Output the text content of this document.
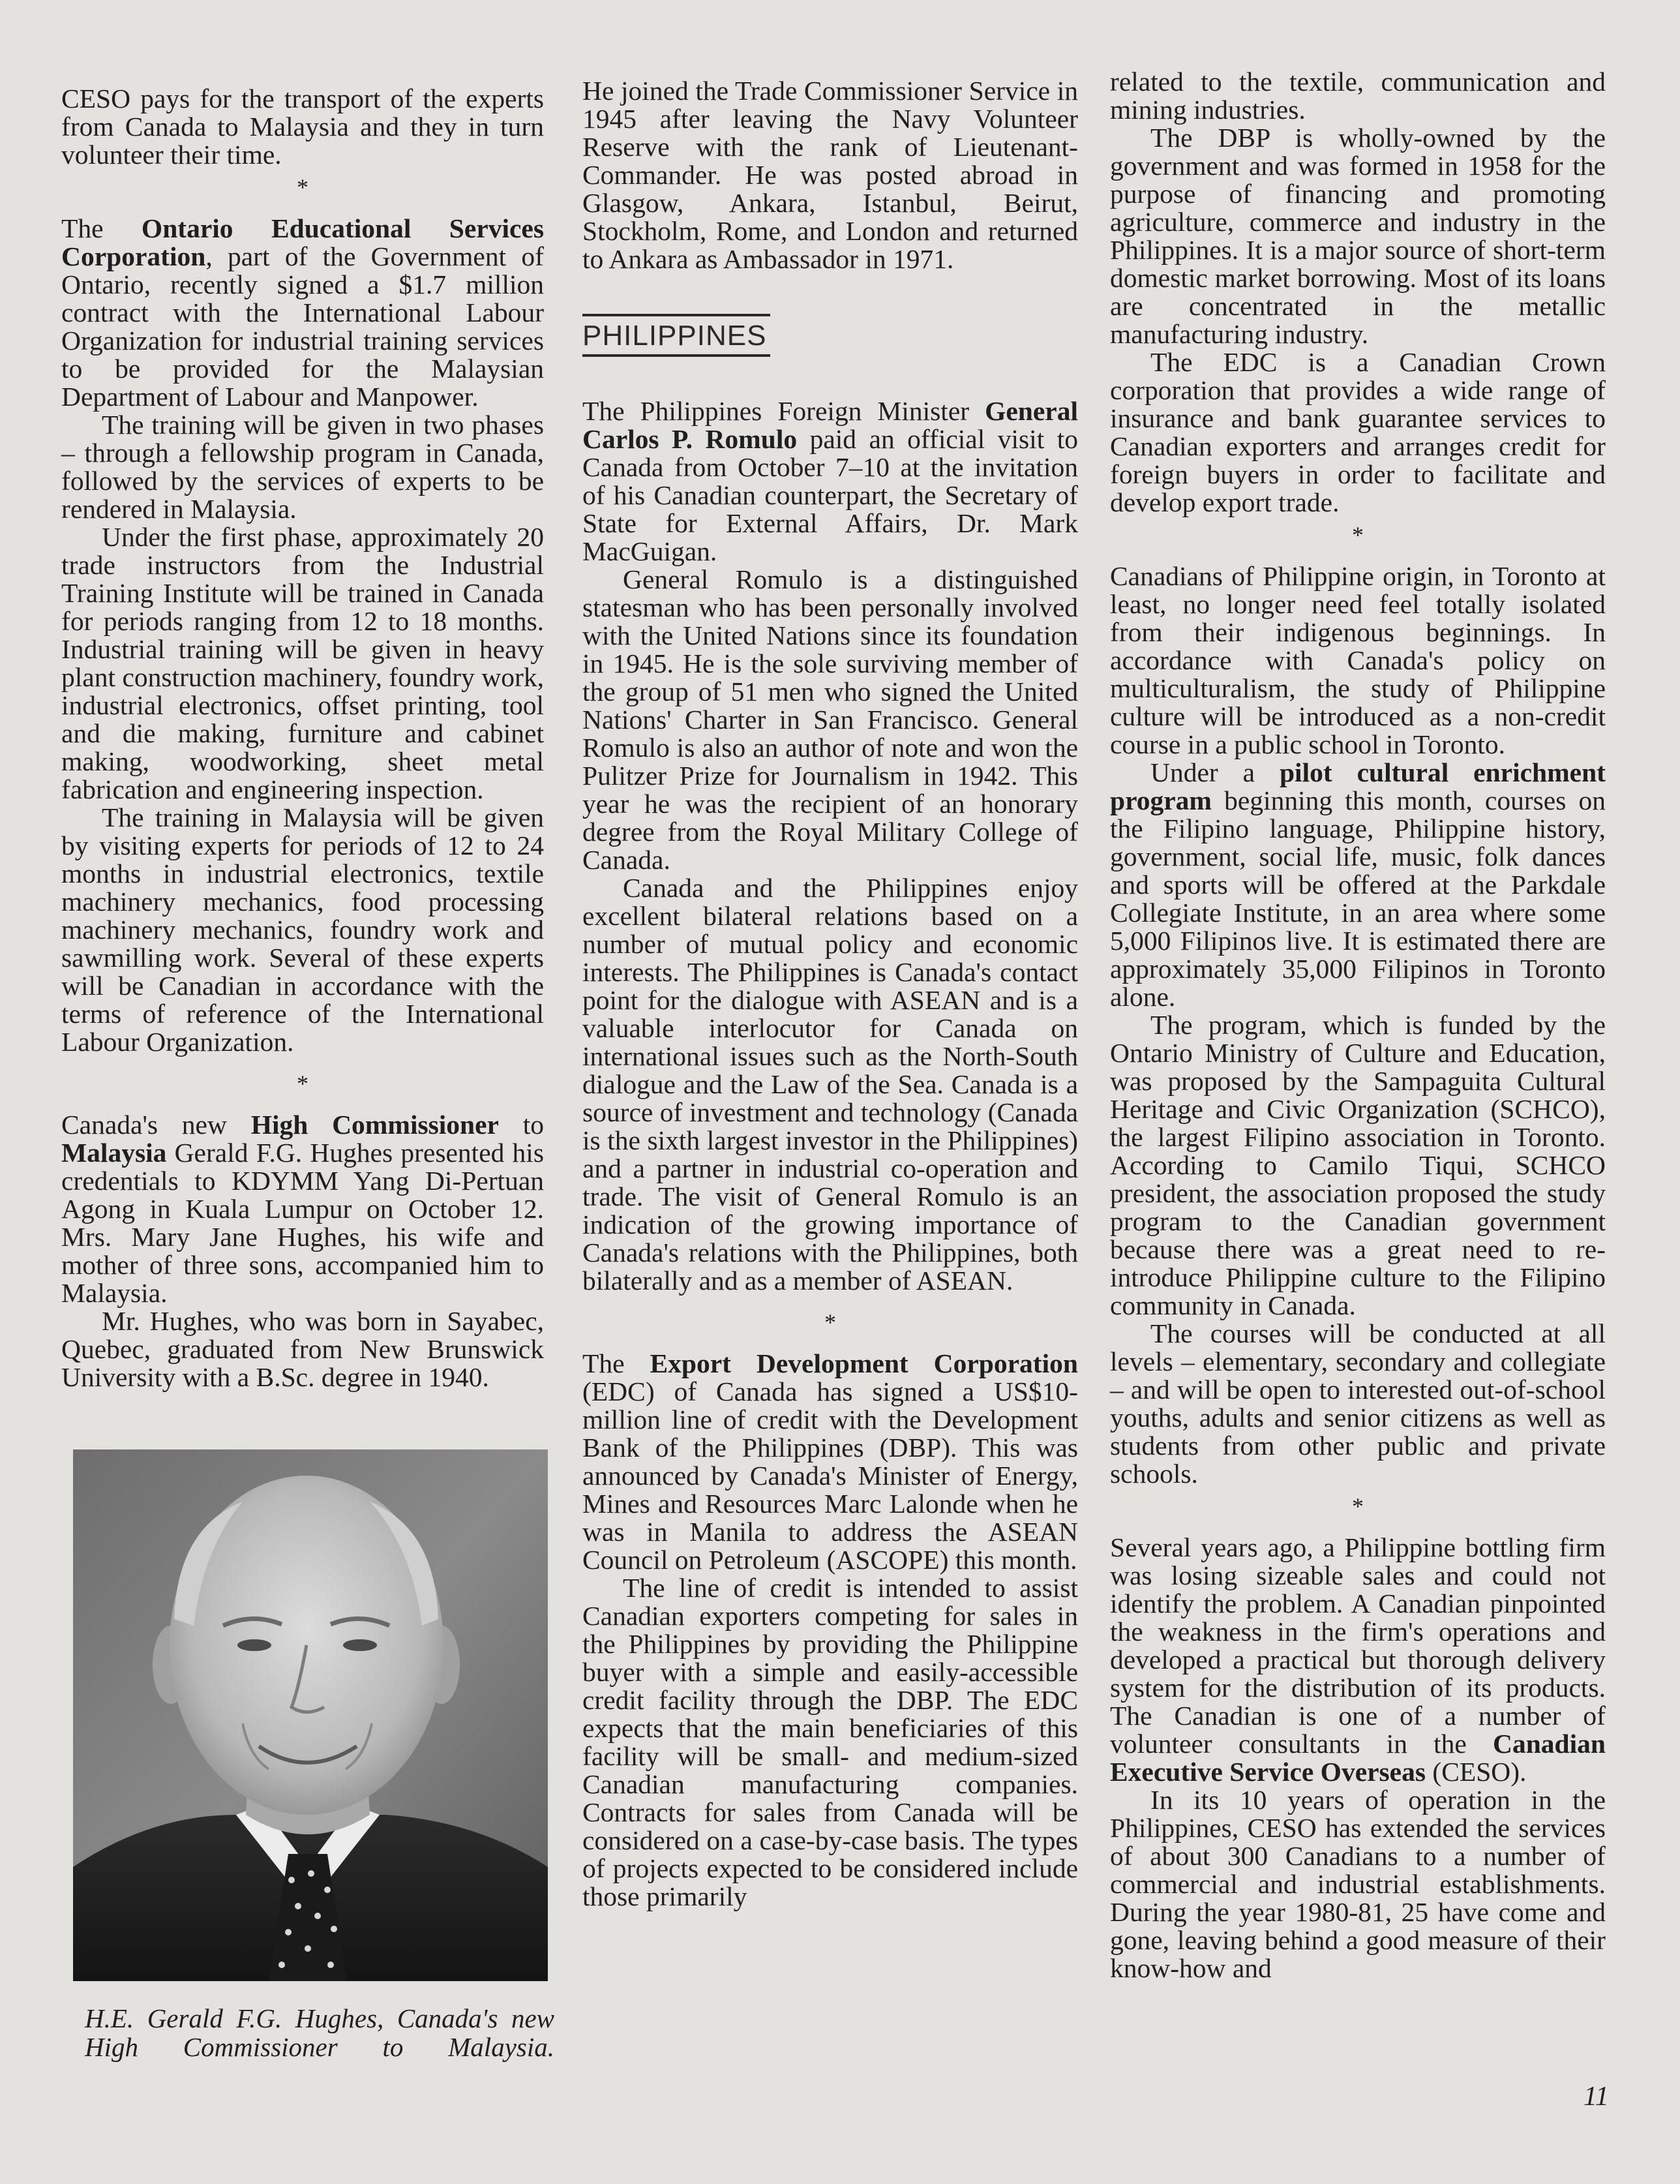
CESO pays for the transport of the experts from Canada to Malaysia and they in turn volunteer their time.

*

The Ontario Educational Services Corporation, part of the Government of Ontario, recently signed a $1.7 million contract with the International Labour Organization for industrial training services to be provided for the Malaysian Department of Labour and Manpower.

The training will be given in two phases – through a fellowship program in Canada, followed by the services of experts to be rendered in Malaysia.

Under the first phase, approximately 20 trade instructors from the Industrial Training Institute will be trained in Canada for periods ranging from 12 to 18 months. Industrial training will be given in heavy plant construction machinery, foundry work, industrial electronics, offset printing, tool and die making, furniture and cabinet making, woodworking, sheet metal fabrication and engineering inspection.

The training in Malaysia will be given by visiting experts for periods of 12 to 24 months in industrial electronics, textile machinery mechanics, food processing machinery mechanics, foundry work and sawmilling work. Several of these experts will be Canadian in accordance with the terms of reference of the International Labour Organization.

*

Canada's new High Commissioner to Malaysia Gerald F.G. Hughes presented his credentials to KDYMM Yang Di-Pertuan Agong in Kuala Lumpur on October 12. Mrs. Mary Jane Hughes, his wife and mother of three sons, accompanied him to Malaysia.

Mr. Hughes, who was born in Sayabec, Quebec, graduated from New Brunswick University with a B.Sc. degree in 1940.

H.E. Gerald F.G. Hughes, Canada's new High Commissioner to Malaysia.

He joined the Trade Commissioner Service in 1945 after leaving the Navy Volunteer Reserve with the rank of Lieutenant-Commander. He was posted abroad in Glasgow, Ankara, Istanbul, Beirut, Stockholm, Rome, and London and returned to Ankara as Ambassador in 1971.

PHILIPPINES

The Philippines Foreign Minister General Carlos P. Romulo paid an official visit to Canada from October 7–10 at the invitation of his Canadian counterpart, the Secretary of State for External Affairs, Dr. Mark MacGuigan.

General Romulo is a distinguished statesman who has been personally involved with the United Nations since its foundation in 1945. He is the sole surviving member of the group of 51 men who signed the United Nations' Charter in San Francisco. General Romulo is also an author of note and won the Pulitzer Prize for Journalism in 1942. This year he was the recipient of an honorary degree from the Royal Military College of Canada.

Canada and the Philippines enjoy excellent bilateral relations based on a number of mutual policy and economic interests. The Philippines is Canada's contact point for the dialogue with ASEAN and is a valuable interlocutor for Canada on international issues such as the North-South dialogue and the Law of the Sea. Canada is a source of investment and technology (Canada is the sixth largest investor in the Philippines) and a partner in industrial co-operation and trade. The visit of General Romulo is an indication of the growing importance of Canada's relations with the Philippines, both bilaterally and as a member of ASEAN.

*

The Export Development Corporation (EDC) of Canada has signed a US$10-million line of credit with the Development Bank of the Philippines (DBP). This was announced by Canada's Minister of Energy, Mines and Resources Marc Lalonde when he was in Manila to address the ASEAN Council on Petroleum (ASCOPE) this month.

The line of credit is intended to assist Canadian exporters competing for sales in the Philippines by providing the Philippine buyer with a simple and easily-accessible credit facility through the DBP. The EDC expects that the main beneficiaries of this facility will be small- and medium-sized Canadian manufacturing companies. Contracts for sales from Canada will be considered on a case-by-case basis. The types of projects expected to be considered include those primarily

related to the textile, communication and mining industries.

The DBP is wholly-owned by the government and was formed in 1958 for the purpose of financing and promoting agriculture, commerce and industry in the Philippines. It is a major source of short-term domestic market borrowing. Most of its loans are concentrated in the metallic manufacturing industry.

The EDC is a Canadian Crown corporation that provides a wide range of insurance and bank guarantee services to Canadian exporters and arranges credit for foreign buyers in order to facilitate and develop export trade.

*

Canadians of Philippine origin, in Toronto at least, no longer need feel totally isolated from their indigenous beginnings. In accordance with Canada's policy on multiculturalism, the study of Philippine culture will be introduced as a non-credit course in a public school in Toronto.

Under a pilot cultural enrichment program beginning this month, courses on the Filipino language, Philippine history, government, social life, music, folk dances and sports will be offered at the Parkdale Collegiate Institute, in an area where some 5,000 Filipinos live. It is estimated there are approximately 35,000 Filipinos in Toronto alone.

The program, which is funded by the Ontario Ministry of Culture and Education, was proposed by the Sampaguita Cultural Heritage and Civic Organization (SCHCO), the largest Filipino association in Toronto. According to Camilo Tiqui, SCHCO president, the association proposed the study program to the Canadian government because there was a great need to re-introduce Philippine culture to the Filipino community in Canada.

The courses will be conducted at all levels – elementary, secondary and collegiate – and will be open to interested out-of-school youths, adults and senior citizens as well as students from other public and private schools.

*

Several years ago, a Philippine bottling firm was losing sizeable sales and could not identify the problem. A Canadian pinpointed the weakness in the firm's operations and developed a practical but thorough delivery system for the distribution of its products. The Canadian is one of a number of volunteer consultants in the Canadian Executive Service Overseas (CESO).

In its 10 years of operation in the Philippines, CESO has extended the services of about 300 Canadians to a number of commercial and industrial establishments. During the year 1980-81, 25 have come and gone, leaving behind a good measure of their know-how and

11
